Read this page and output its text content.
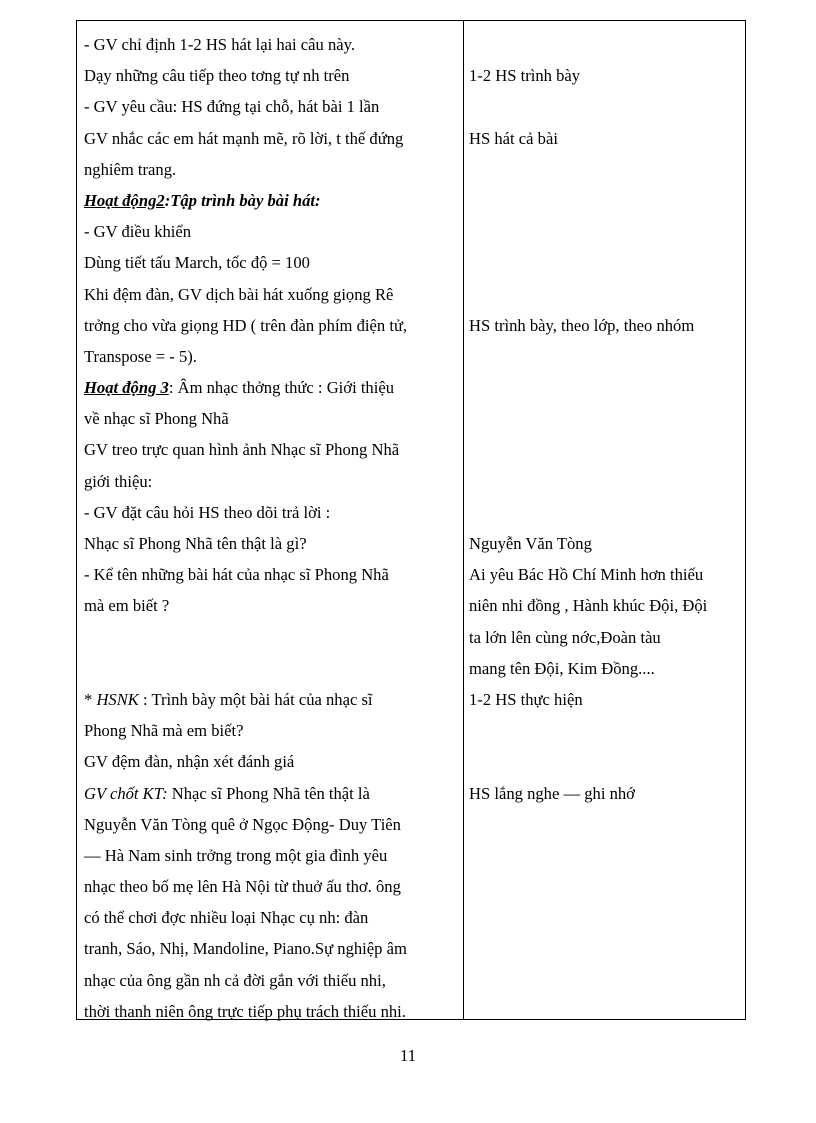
- GV chỉ định 1-2 HS hát lại hai câu này.
Dạy những câu tiếp theo tơng tự nh trên
- GV yêu cầu: HS đứng tại chỗ, hát bài 1 lần
GV nhắc các em hát mạnh mẽ, rõ lời, t thế đứng
nghiêm trang.
Hoạt động2:Tập trình bày bài hát:
- GV điều khiển
Dùng tiết tấu March, tốc độ = 100
Khi đệm đàn, GV dịch bài hát xuống giọng Rê
trởng cho vừa giọng HD ( trên đàn phím điện tử,
Transpose = - 5).
Hoạt động 3: Âm nhạc thởng thức : Giới thiệu
về nhạc sĩ Phong Nhã
GV treo trực quan hình ảnh Nhạc sĩ Phong Nhã
giới thiệu:
- GV đặt câu hỏi HS theo dõi trả lời :
Nhạc sĩ Phong Nhã tên thật là gì?
- Kể tên những bài hát của nhạc sĩ Phong Nhã
mà em biết ?
* HSNK : Trình bày một bài hát của nhạc sĩ
Phong Nhã mà em biết?
GV đệm đàn, nhận xét đánh giá
GV chốt KT: Nhạc sĩ Phong Nhã tên thật là
Nguyễn Văn Tòng quê ở Ngọc Động- Duy Tiên
— Hà Nam sinh trởng trong một gia đình yêu
nhạc theo bố mẹ lên Hà Nội từ thuở ấu thơ. ông
có thể chơi đợc nhiều loại Nhạc cụ nh: đàn
tranh, Sáo, Nhị, Mandoline, Piano.Sự nghiệp âm
nhạc của ông gần nh cả đời gắn với thiếu nhi,
thời thanh niên ông trực tiếp phụ trách thiếu nhi.
1-2 HS trình bày
HS hát cả bài
HS trình bày, theo lớp, theo nhóm
Nguyễn Văn Tòng
Ai yêu Bác Hồ Chí Minh hơn thiếu
niên nhi đồng , Hành khúc Đội, Đội
ta lớn lên cùng nớc,Đoàn tàu
mang tên Đội, Kim Đồng....
1-2 HS thực hiện
HS lắng nghe — ghi nhớ
11
